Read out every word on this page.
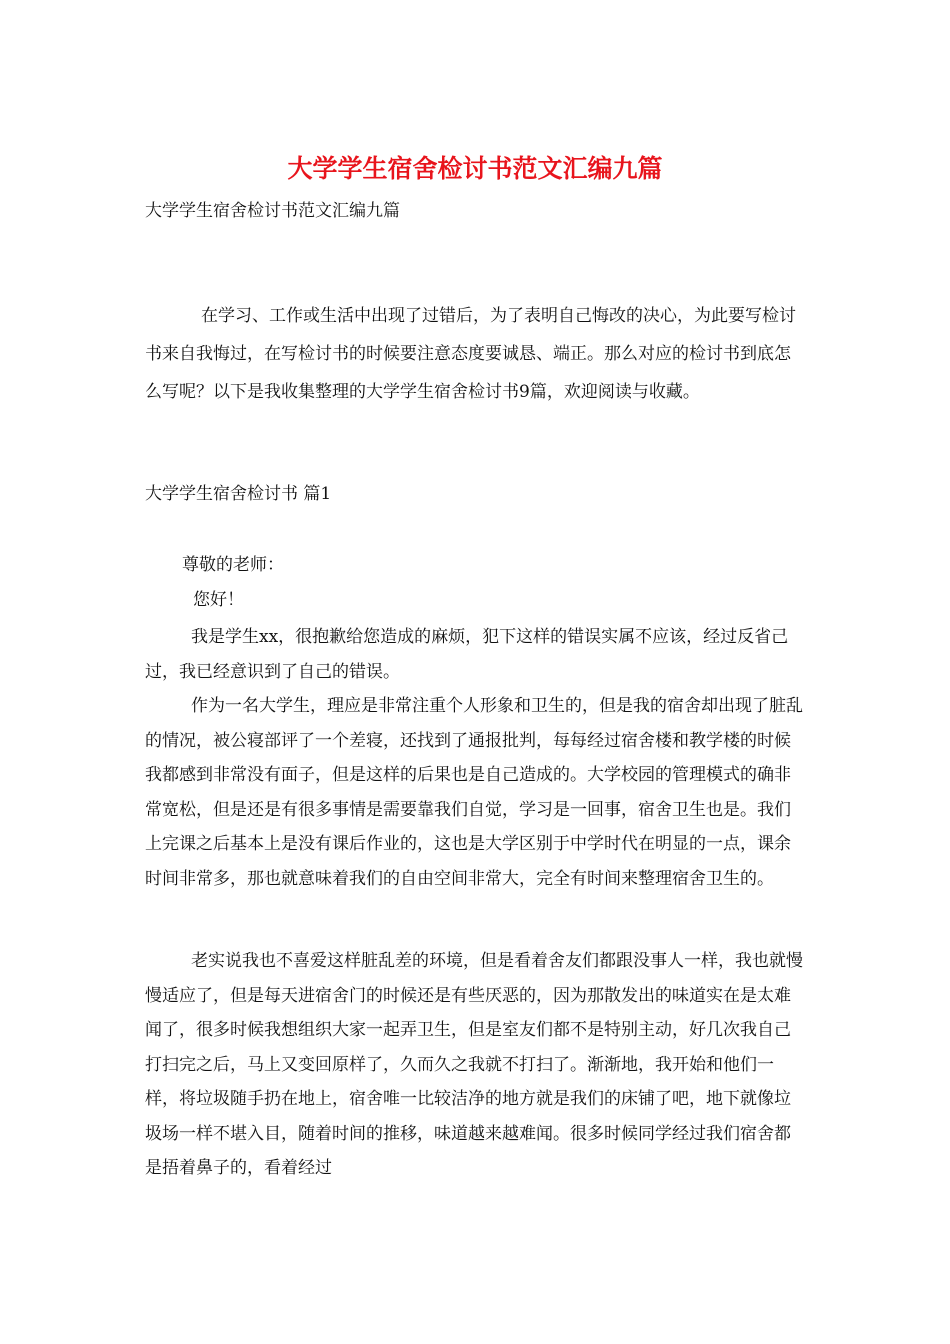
大学学生宿舍检讨书范文汇编九篇

大学学生宿舍检讨书范文汇编九篇

在学习、工作或生活中出现了过错后，为了表明自己悔改的决心，为此要写检讨书来自我悔过，在写检讨书的时候要注意态度要诚恳、端正。那么对应的检讨书到底怎么写呢？以下是我收集整理的大学学生宿舍检讨书9篇，欢迎阅读与收藏。

大学学生宿舍检讨书 篇1

尊敬的老师：

您好！

我是学生xx，很抱歉给您造成的麻烦，犯下这样的错误实属不应该，经过反省己过，我已经意识到了自己的错误。

作为一名大学生，理应是非常注重个人形象和卫生的，但是我的宿舍却出现了脏乱的情况，被公寝部评了一个差寝，还找到了通报批判，每每经过宿舍楼和教学楼的时候我都感到非常没有面子，但是这样的后果也是自己造成的。大学校园的管理模式的确非常宽松，但是还是有很多事情是需要靠我们自觉，学习是一回事，宿舍卫生也是。我们上完课之后基本上是没有课后作业的，这也是大学区别于中学时代在明显的一点，课余时间非常多，那也就意味着我们的自由空间非常大，完全有时间来整理宿舍卫生的。

老实说我也不喜爱这样脏乱差的环境，但是看着舍友们都跟没事人一样，我也就慢慢适应了，但是每天进宿舍门的时候还是有些厌恶的，因为那散发出的味道实在是太难闻了，很多时候我想组织大家一起弄卫生，但是室友们都不是特别主动，好几次我自己打扫完之后，马上又变回原样了，久而久之我就不打扫了。渐渐地，我开始和他们一样，将垃圾随手扔在地上，宿舍唯一比较洁净的地方就是我们的床铺了吧，地下就像垃圾场一样不堪入目，随着时间的推移，味道越来越难闻。很多时候同学经过我们宿舍都是捂着鼻子的，看着经过
